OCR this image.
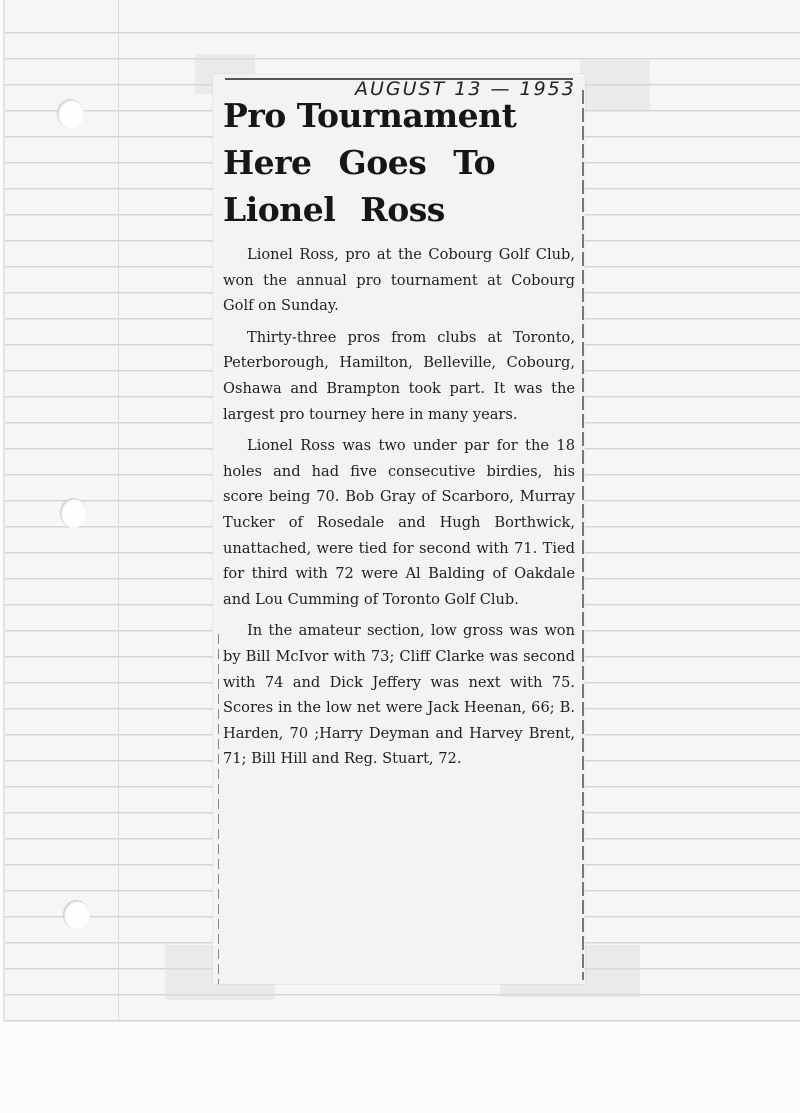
AUGUST 13 — 1953
Pro Tournament
Here Goes To
Lionel Ross

Lionel Ross, pro at the Cobourg Golf Club, won the annual pro tournament at Cobourg Golf on Sunday.

Thirty-three pros from clubs at Toronto, Peterborough, Hamilton, Belleville, Cobourg, Oshawa and Brampton took part. It was the largest pro tourney here in many years.

Lionel Ross was two under par for the 18 holes and had five consecutive birdies, his score being 70. Bob Gray of Scarboro, Murray Tucker of Rosedale and Hugh Borthwick, unattached, were tied for second with 71. Tied for third with 72 were Al Balding of Oakdale and Lou Cumming of Toronto Golf Club.

In the amateur section, low gross was won by Bill McIvor with 73; Cliff Clarke was second with 74 and Dick Jeffery was next with 75. Scores in the low net were Jack Heenan, 66; B. Harden, 70 ;Harry Deyman and Harvey Brent, 71; Bill Hill and Reg. Stuart, 72.
